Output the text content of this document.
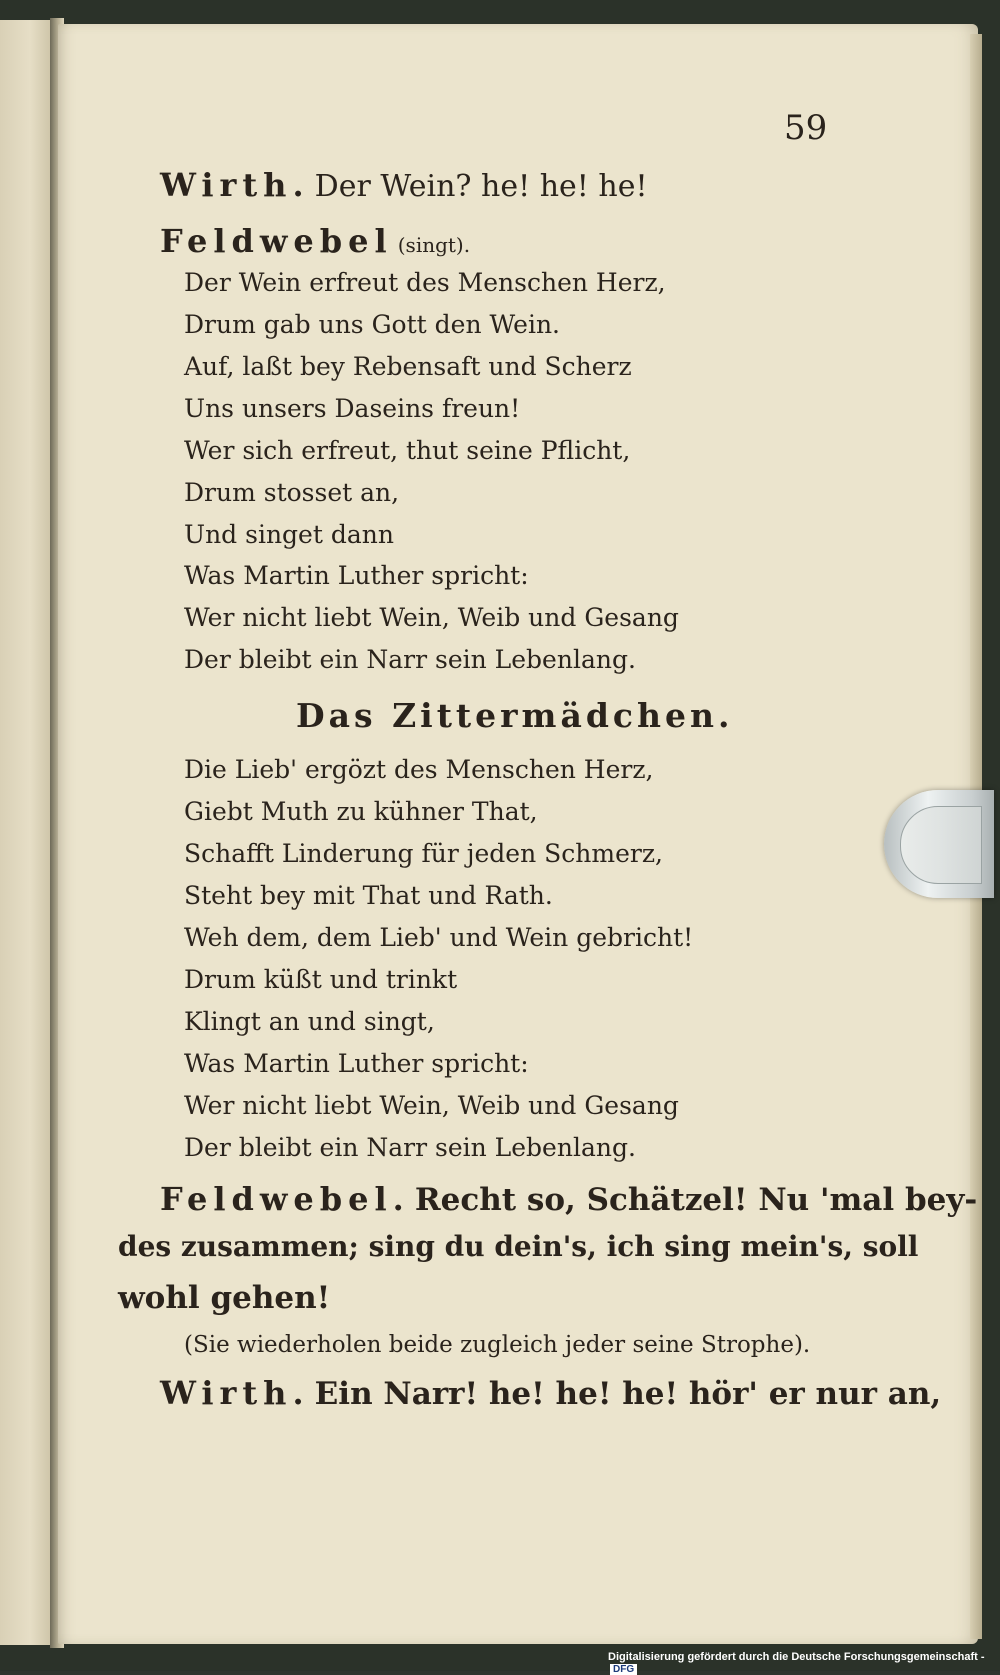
59
Wirth. Der Wein? he! he! he!
Feldwebel (singt).
Der Wein erfreut des Menschen Herz,
Drum gab uns Gott den Wein.
Auf, laßt bey Rebensaft und Scherz
Uns unsers Daseins freun!
Wer sich erfreut, thut seine Pflicht,
Drum stosset an,
Und singet dann
Was Martin Luther spricht:
Wer nicht liebt Wein, Weib und Gesang
Der bleibt ein Narr sein Lebenlang.
Das Zittermädchen.
Die Lieb' ergözt des Menschen Herz,
Giebt Muth zu kühner That,
Schafft Linderung für jeden Schmerz,
Steht bey mit That und Rath.
Weh dem, dem Lieb' und Wein gebricht!
Drum küßt und trinkt
Klingt an und singt,
Was Martin Luther spricht:
Wer nicht liebt Wein, Weib und Gesang
Der bleibt ein Narr sein Lebenlang.
Feldwebel. Recht so, Schätzel! Nu 'mal bey-
des zusammen; sing du dein's, ich sing mein's, soll
wohl gehen!
(Sie wiederholen beide zugleich jeder seine Strophe).
Wirth. Ein Narr! he! he! he! hör' er nur an,
Digitalisierung gefördert durch die Deutsche Forschungsgemeinschaft -DFG
